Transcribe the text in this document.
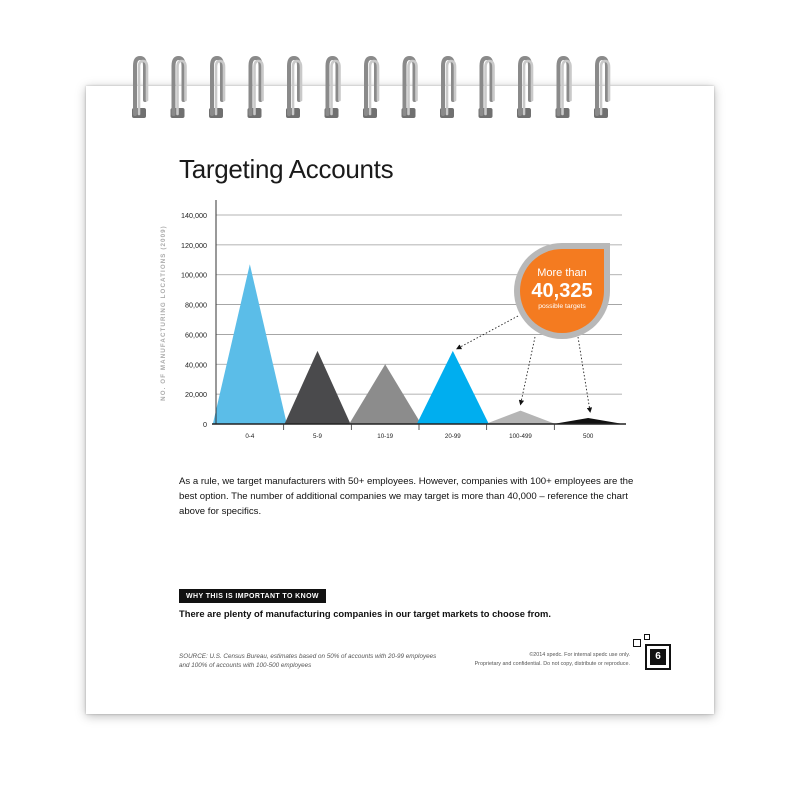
Targeting Accounts
0
20,000
40,000
60,000
80,000
100,000
120,000
140,000
NO. OF MANUFACTURING LOCATIONS (2009)
0-4	5-9	10-19	20-99	100-499	500
More than
40,325
possible targets

As a rule, we target manufacturers with 50+ employees. However, companies with 100+ employees are the best option. The number of additional companies we may target is more than 40,000 – reference the chart above for specifics.

WHY THIS IS IMPORTANT TO KNOW

There are plenty of manufacturing companies in our target markets to choose from.

SOURCE: U.S. Census Bureau, estimates based on 50% of accounts with 20-99 employees and 100% of accounts with 100-500 employees

©2014 spedc. For internal spedc use only.
Proprietary and confidential. Do not copy, distribute or reproduce.
6
